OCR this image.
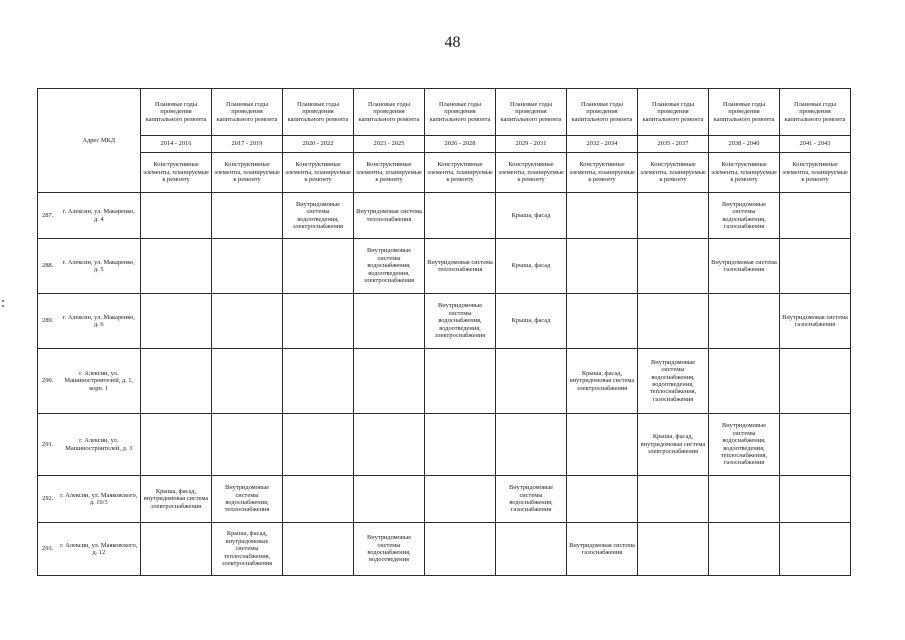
48
	Адрес МКД	Плановые годы проведения капитального ремонта	Плановые годы проведения капитального ремонта	Плановые годы проведения капитального ремонта	Плановые годы проведения капитального ремонта	Плановые годы проведения капитального ремонта	Плановые годы проведения капитального ремонта	Плановые годы проведения капитального ремонта	Плановые годы проведения капитального ремонта	Плановые годы проведения капитального ремонта	Плановые годы проведения капитального ремонта
		2014 - 2016	2017 - 2019	2020 - 2022	2023 - 2025	2026 - 2028	2029 - 2031	2032 - 2034	2035 - 2037	2038 - 2040	2041 - 2043
		Конструктивные элементы, планируемые к ремонту	Конструктивные элементы, планируемые к ремонту	Конструктивные элементы, планируемые к ремонту	Конструктивные элементы, планируемые к ремонту	Конструктивные элементы, планируемые к ремонту	Конструктивные элементы, планируемые к ремонту	Конструктивные элементы, планируемые к ремонту	Конструктивные элементы, планируемые к ремонту	Конструктивные элементы, планируемые к ремонту	Конструктивные элементы, планируемые к ремонту
287.	г. Алексин, ул. Макаренко, д. 4			Внутридомовые системы водоотведения, электроснабжения	Внутридомовая система теплоснабжения		Крыша, фасад			Внутридомовые системы водоснабжения, газоснабжения	
288.	г. Алексин, ул. Макаренко, д. 5				Внутридомовые системы водоснабжения, водоотведения, электроснабжения	Внутридомовая система теплоснабжения	Крыша, фасад			Внутридомовая система газоснабжения	
289.	г. Алексин, ул. Макаренко, д. 6					Внутридомовые системы водоснабжения, водоотведения, электроснабжения	Крыша, фасад				Внутридомовая система газоснабжения
290.	г. Алексин, ул. Машиностроителей, д. 1, корп. 1							Крыша, фасад, внутридомовая система электроснабжения	Внутридомовые системы водоснабжения, водоотведения, теплоснабжения, газоснабжения		
291.	г. Алексин, ул. Машиностроителей, д. 3								Крыша, фасад, внутридомовая система электроснабжения	Внутридомовые системы водоснабжения, водоотведения, теплоснабжения, газоснабжения	
292.	г. Алексин, ул. Маяковского, д. 10/3	Крыша, фасад, внутридомовая система электроснабжения	Внутридомовые системы водоснабжения, теплоснабжения				Внутридомовые системы водоснабжения, газоснабжения				
293.	г. Алексин, ул. Маяковского, д. 12		Крыша, фасад, внутридомовые системы теплоснабжения, электроснабжения		Внутридомовые системы водоснабжения, водоотведения			Внутридомовая система газоснабжения			
